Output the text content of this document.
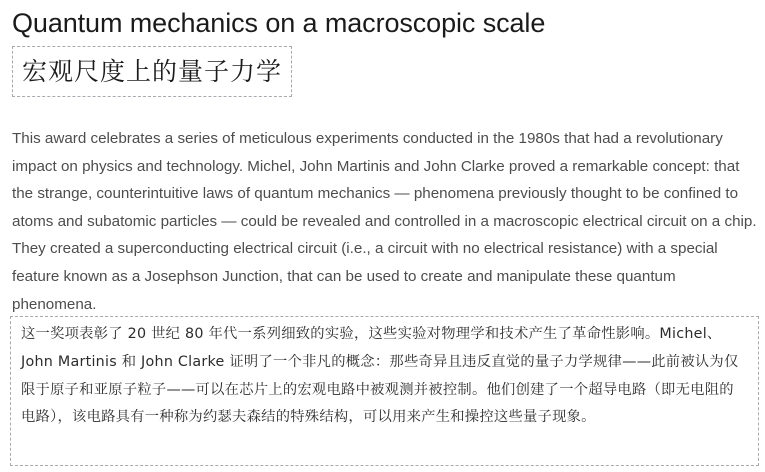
Quantum mechanics on a macroscopic scale
宏观尺度上的量子力学

This award celebrates a series of meticulous experiments conducted in the 1980s that had a revolutionary impact on physics and technology. Michel, John Martinis and John Clarke proved a remarkable concept: that the strange, counterintuitive laws of quantum mechanics — phenomena previously thought to be confined to atoms and subatomic particles — could be revealed and controlled in a macroscopic electrical circuit on a chip. They created a superconducting electrical circuit (i.e., a circuit with no electrical resistance) with a special feature known as a Josephson Junction, that can be used to create and manipulate these quantum phenomena.

这一奖项表彰了 20 世纪 80 年代一系列细致的实验，这些实验对物理学和技术产生了革命性影响。Michel、John Martinis 和 John Clarke 证明了一个非凡的概念：那些奇异且违反直觉的量子力学规律——此前被认为仅限于原子和亚原子粒子——可以在芯片上的宏观电路中被观测并被控制。他们创建了一个超导电路（即无电阻的电路），该电路具有一种称为约瑟夫森结的特殊结构，可以用来产生和操控这些量子现象。
